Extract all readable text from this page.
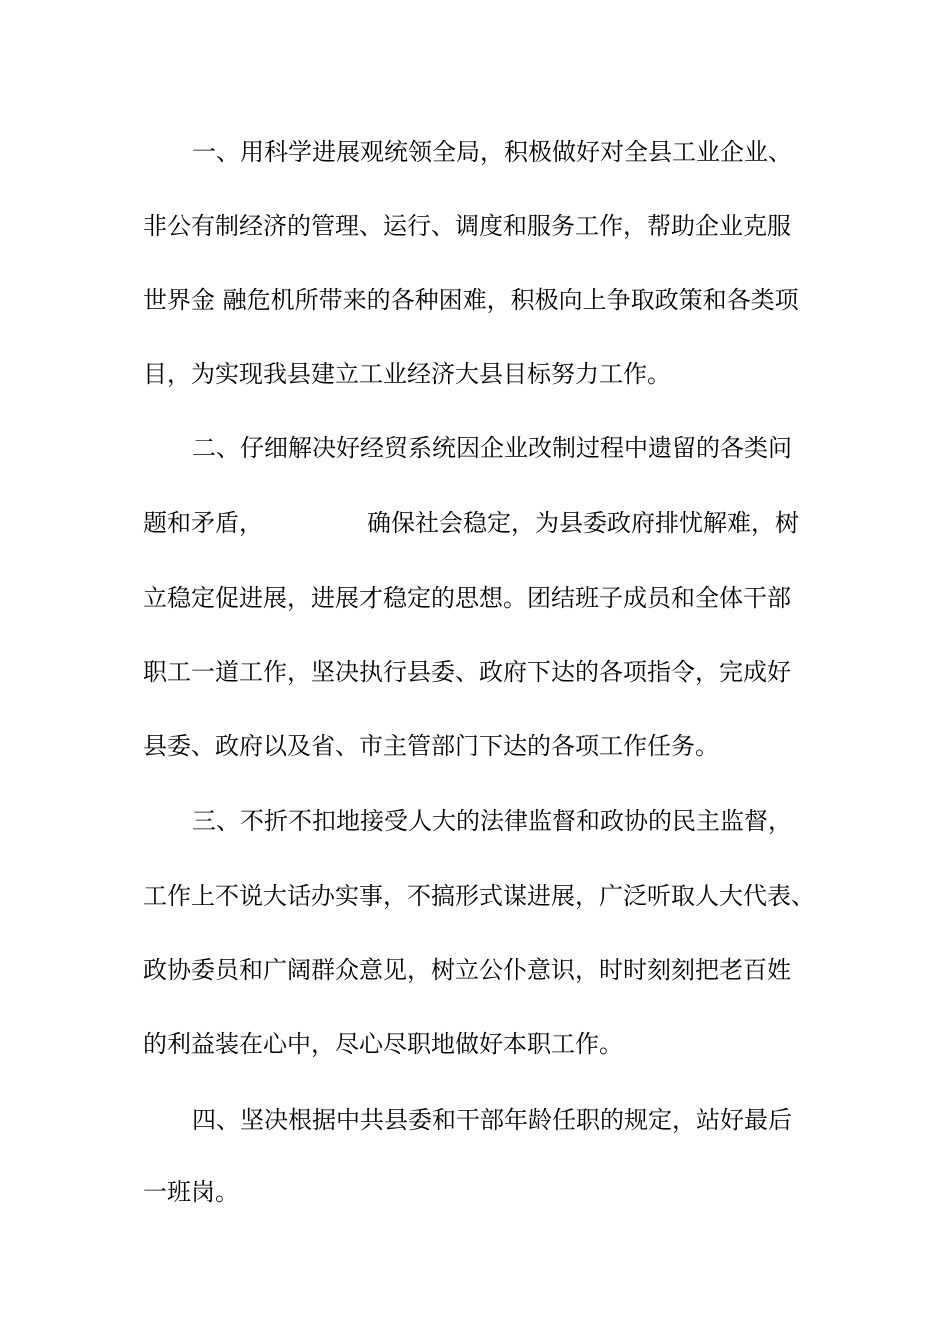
一、用科学进展观统领全局，积极做好对全县工业企业、
非公有制经济的管理、运行、调度和服务工作，帮助企业克服
世界金 融危机所带来的各种困难，积极向上争取政策和各类项
目，为实现我县建立工业经济大县目标努力工作。
二、仔细解决好经贸系统因企业改制过程中遗留的各类问
题和矛盾，	确保社会稳定，为县委政府排忧解难，树
立稳定促进展，进展才稳定的思想。团结班子成员和全体干部
职工一道工作，坚决执行县委、政府下达的各项指令，完成好
县委、政府以及省、市主管部门下达的各项工作任务。
三、不折不扣地接受人大的法律监督和政协的民主监督，
工作上不说大话办实事，不搞形式谋进展，广泛听取人大代表、
政协委员和广阔群众意见，树立公仆意识，时时刻刻把老百姓
的利益装在心中，尽心尽职地做好本职工作。
四、坚决根据中共县委和干部年龄任职的规定，站好最后
一班岗。
